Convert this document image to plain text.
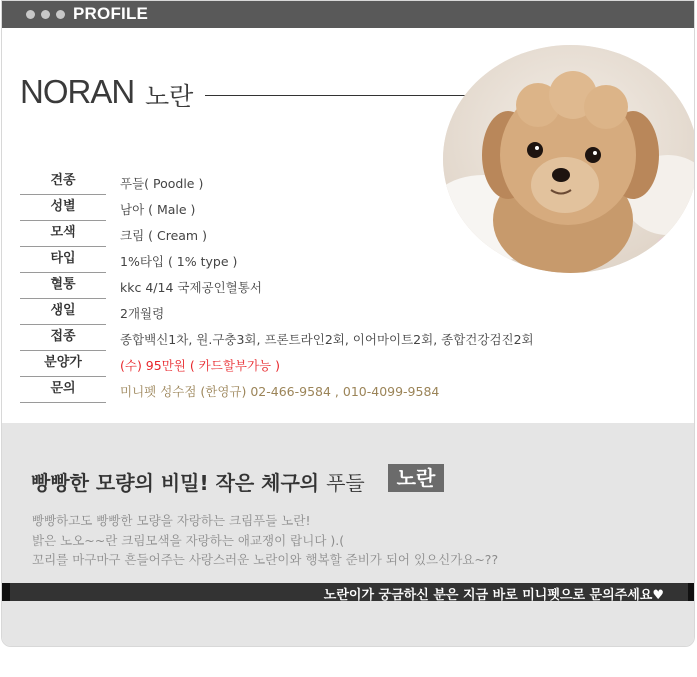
PROFILE
NORAN 노란
견종	푸들( Poodle )
성별	남아 ( Male )
모색	크림 ( Cream )
타입	1%타입 ( 1% type )
혈통	kkc 4/14 국제공인혈통서
생일	2개월령
접종	종합백신1차, 원.구충3회, 프론트라인2회, 이어마이트2회, 종합건강검진2회
분양가	(수) 95만원 ( 카드할부가능 )
문의	미니펫 성수점 (한영규) 02-466-9584 , 010-4099-9584
빵빵한 모량의 비밀! 작은 체구의 푸들	노란
빵빵하고도 빵빵한 모량을 자랑하는 크림푸들 노란!
밝은 노오~~란 크림모색을 자랑하는 애교쟁이 랍니다 ).(
꼬리를 마구마구 흔들어주는 사랑스러운 노란이와 행복할 준비가 되어 있으신가요~??
노란이가 궁금하신 분은 지금 바로 미니펫으로 문의주세요♥
